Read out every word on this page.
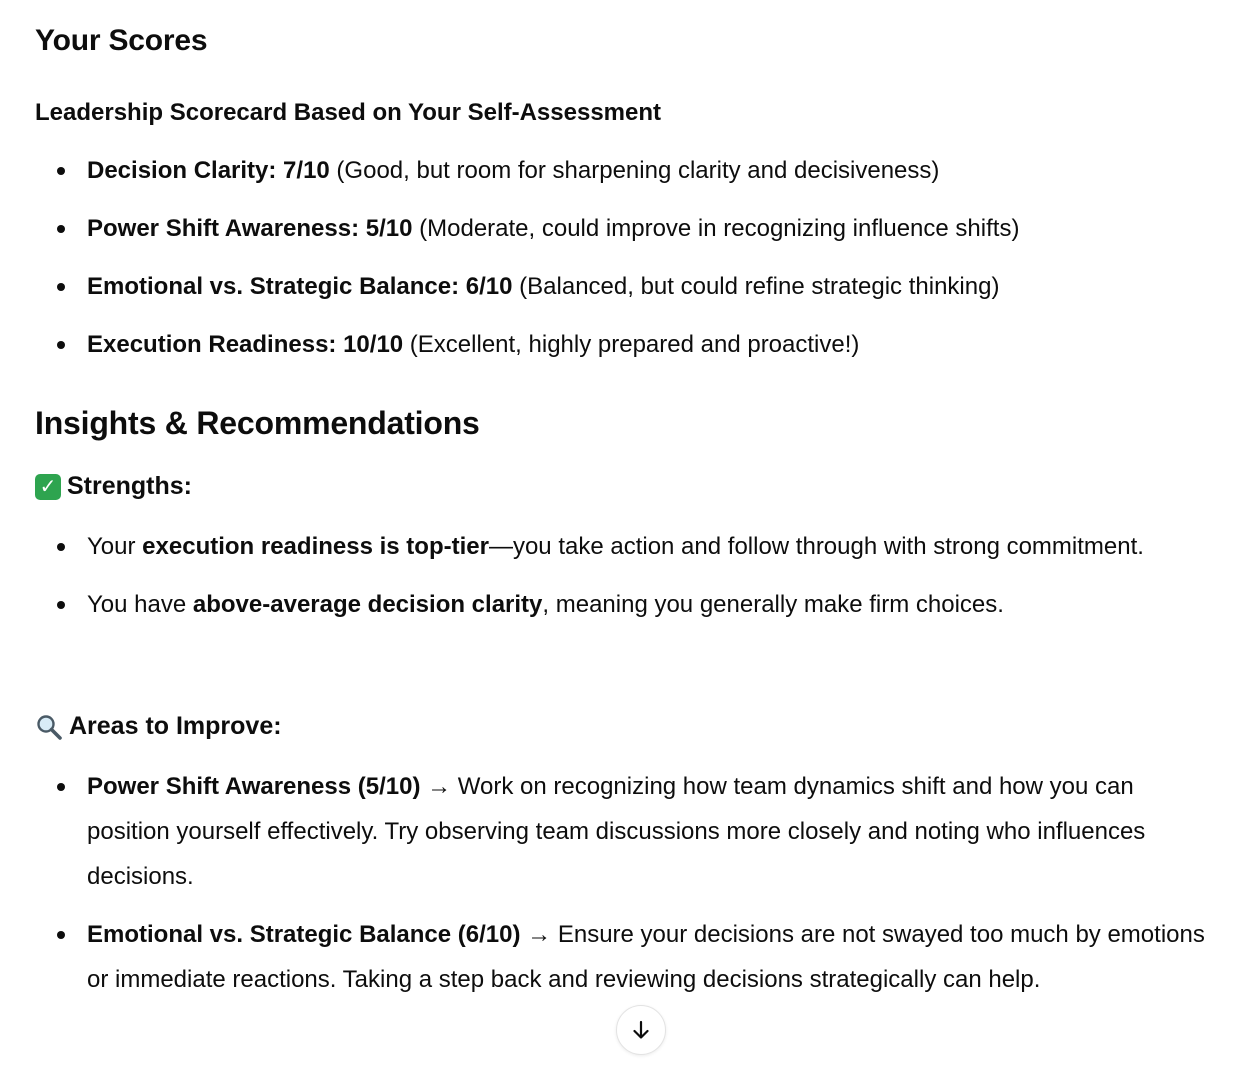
Your Scores

Leadership Scorecard Based on Your Self-Assessment

Decision Clarity: 7/10 (Good, but room for sharpening clarity and decisiveness)
Power Shift Awareness: 5/10 (Moderate, could improve in recognizing influence shifts)
Emotional vs. Strategic Balance: 6/10 (Balanced, but could refine strategic thinking)
Execution Readiness: 10/10 (Excellent, highly prepared and proactive!)
Insights & Recommendations
✓ Strengths:
Your execution readiness is top-tier—you take action and follow through with strong commitment.
You have above-average decision clarity, meaning you generally make firm choices.
Areas to Improve:
Power Shift Awareness (5/10) → Work on recognizing how team dynamics shift and how you can position yourself effectively. Try observing team discussions more closely and noting who influences decisions.
Emotional vs. Strategic Balance (6/10) → Ensure your decisions are not swayed too much by emotions or immediate reactions. Taking a step back and reviewing decisions strategically can help.
